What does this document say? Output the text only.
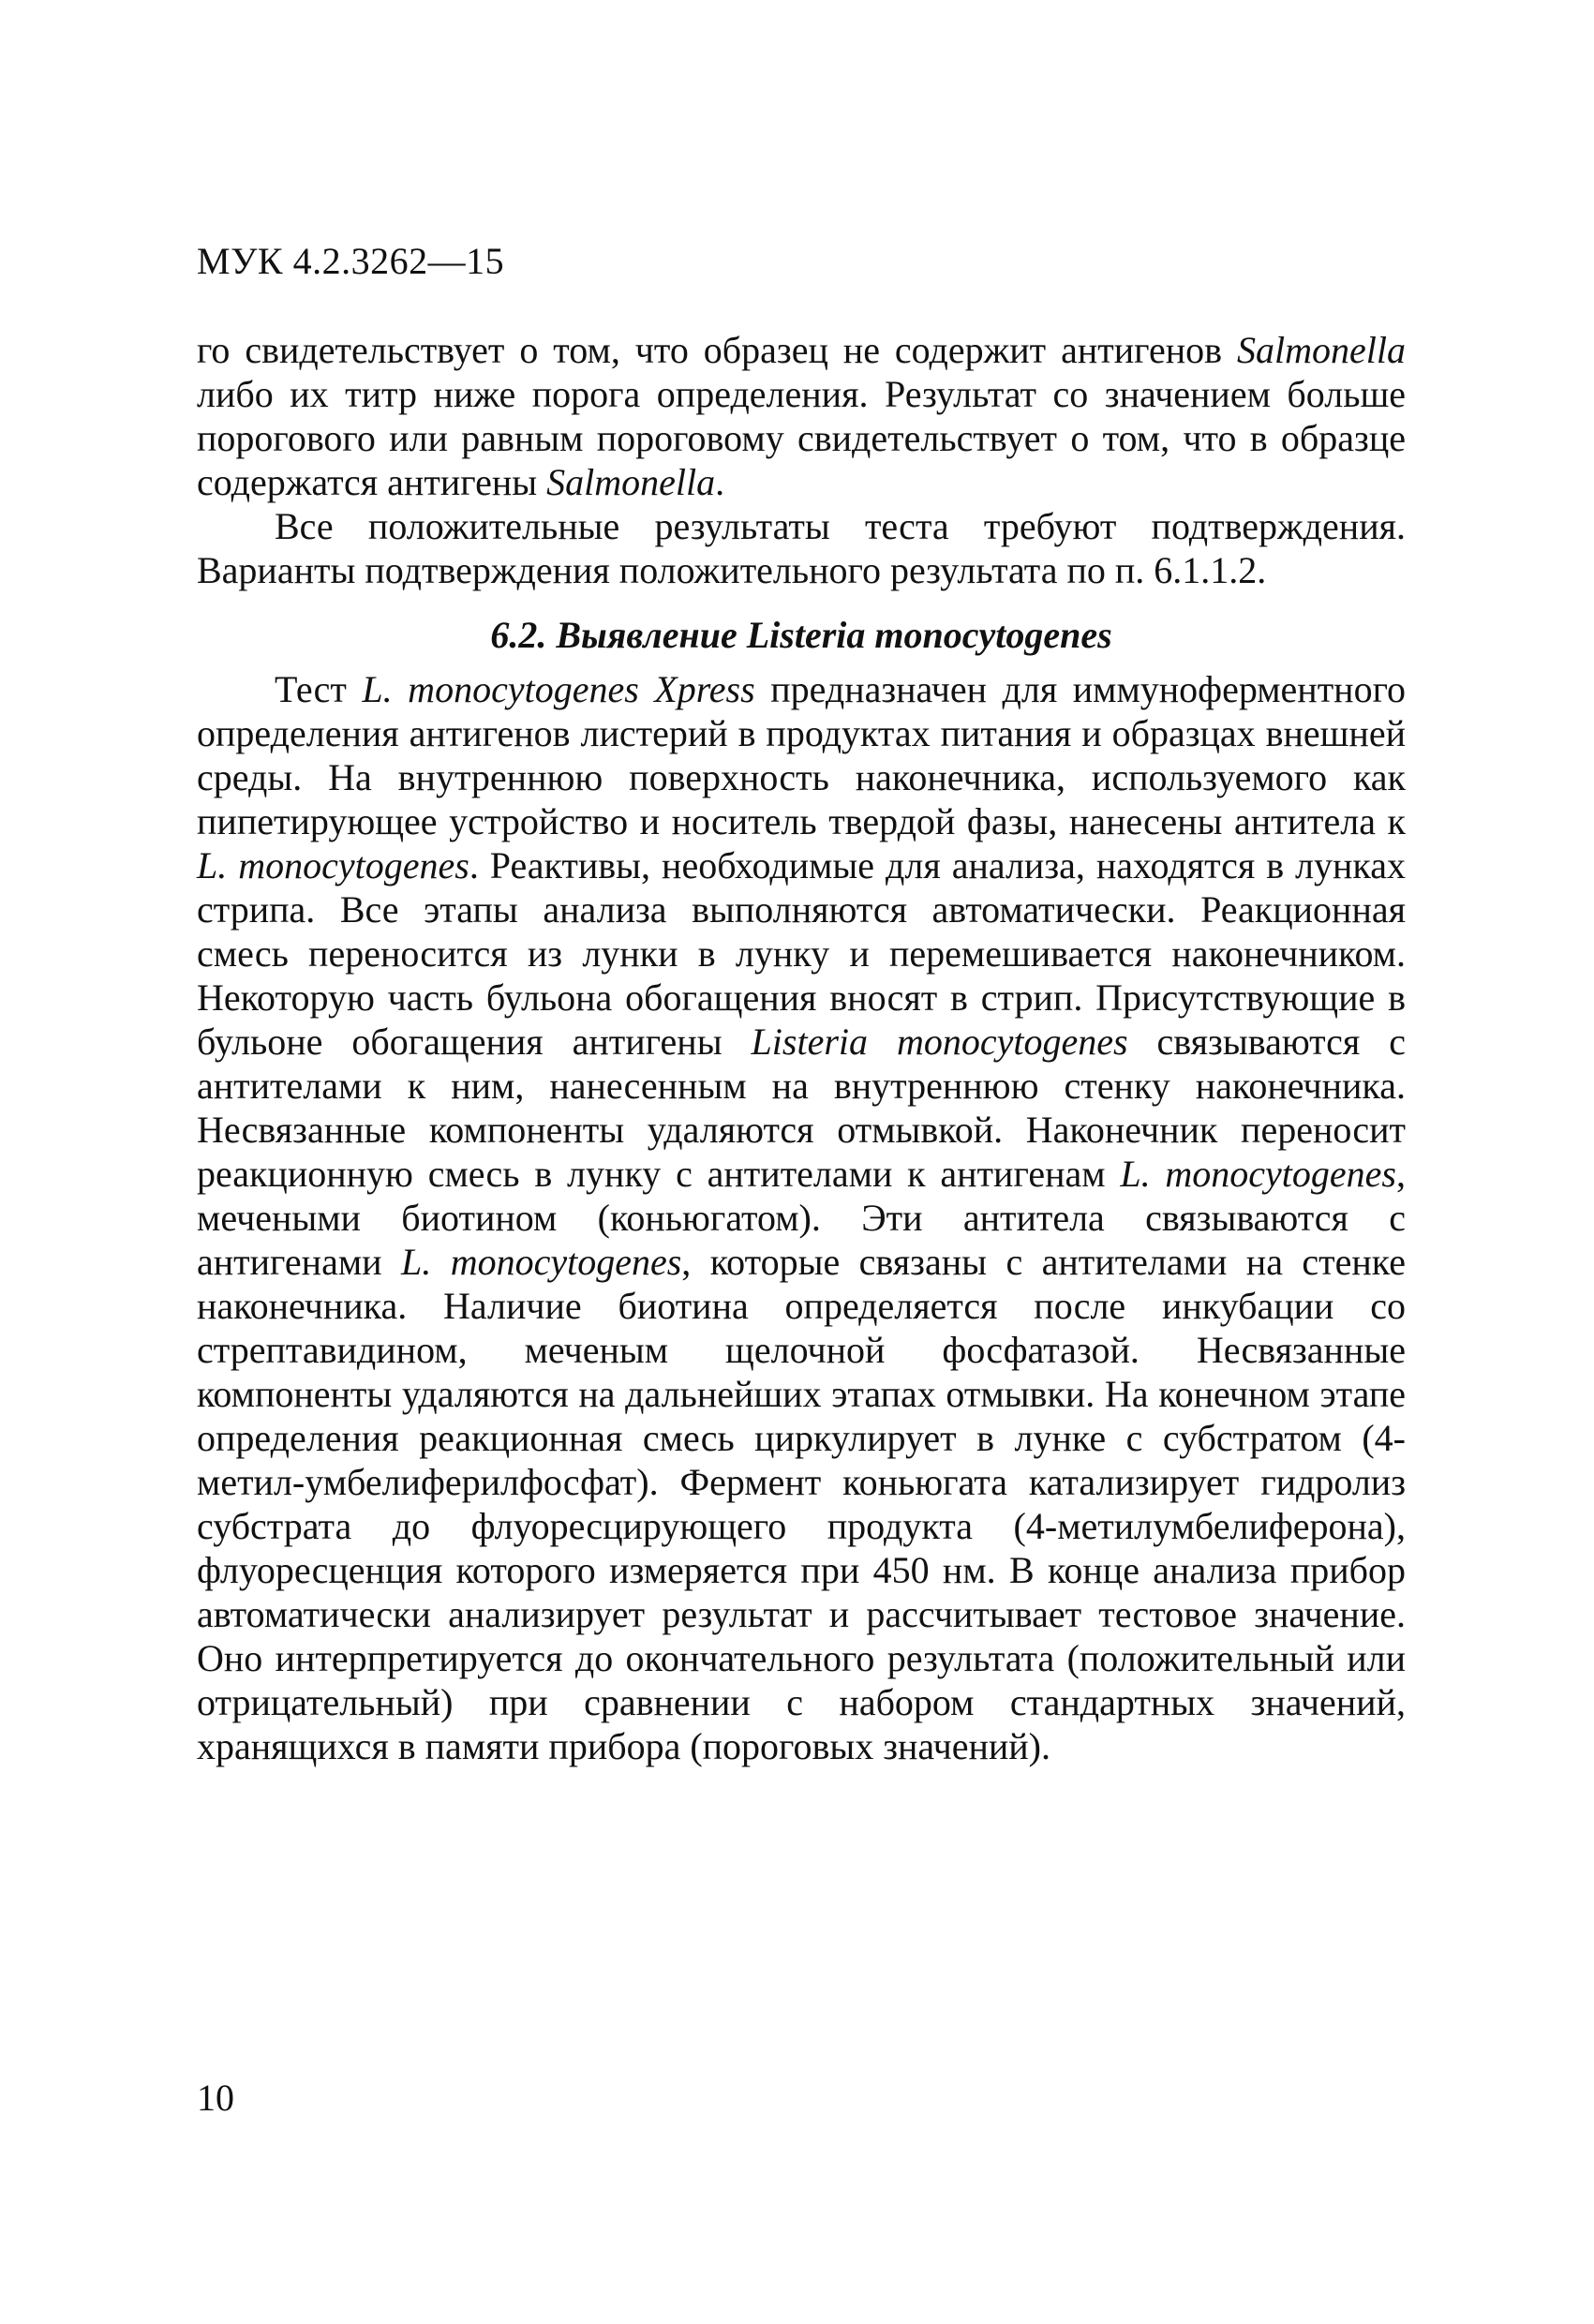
МУК 4.2.3262—15

го свидетельствует о том, что образец не содержит антигенов Salmonella либо их титр ниже порога определения. Результат со значением больше порогового или равным пороговому свидетельствует о том, что в образце содержатся антигены Salmonella.

Все положительные результаты теста требуют подтверждения. Варианты подтверждения положительного результата по п. 6.1.1.2.

6.2. Выявление Listeria monocytogenes

Тест L. monocytogenes Xpress предназначен для иммуноферментного определения антигенов листерий в продуктах питания и образцах внешней среды. На внутреннюю поверхность наконечника, используемого как пипетирующее устройство и носитель твердой фазы, нанесены антитела к L. monocytogenes. Реактивы, необходимые для анализа, находятся в лунках стрипа. Все этапы анализа выполняются автоматически. Реакционная смесь переносится из лунки в лунку и перемешивается наконечником. Некоторую часть бульона обогащения вносят в стрип. Присутствующие в бульоне обогащения антигены Listeria monocytogenes связываются с антителами к ним, нанесенным на внутреннюю стенку наконечника. Несвязанные компоненты удаляются отмывкой. Наконечник переносит реакционную смесь в лунку с антителами к антигенам L. monocytogenes, мечеными биотином (коньюгатом). Эти антитела связываются с антигенами L. monocytogenes, которые связаны с антителами на стенке наконечника. Наличие биотина определяется после инкубации со стрептавидином, меченым щелочной фосфатазой. Несвязанные компоненты удаляются на дальнейших этапах отмывки. На конечном этапе определения реакционная смесь циркулирует в лунке с субстратом (4-метил-умбелиферилфосфат). Фермент коньюгата катализирует гидролиз субстрата до флуоресцирующего продукта (4-метилумбелиферона), флуоресценция которого измеряется при 450 нм. В конце анализа прибор автоматически анализирует результат и рассчитывает тестовое значение. Оно интерпретируется до окончательного результата (положительный или отрицательный) при сравнении с набором стандартных значений, хранящихся в памяти прибора (пороговых значений).

10
